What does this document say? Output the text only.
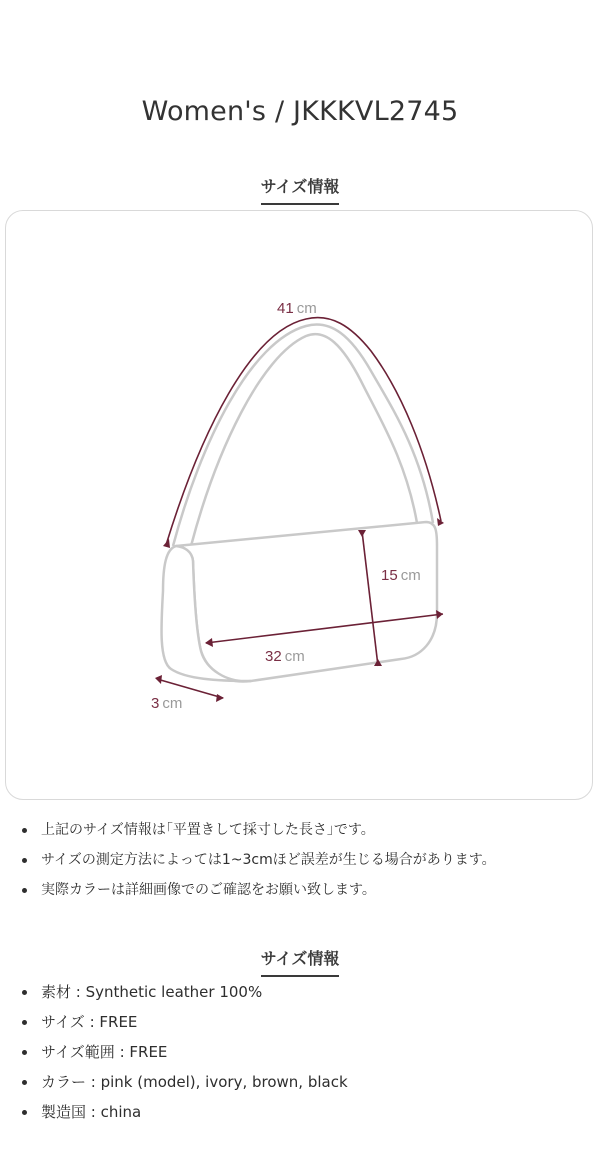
Women's / JKKKVL2745
サイズ情報
41 cm
15 cm
32 cm
3 cm
上記のサイズ情報は｢平置きして採寸した長さ｣です。
サイズの測定方法によっては1~3cmほど誤差が生じる場合があります。
実際カラーは詳細画像でのご確認をお願い致します。
サイズ情報
素材 : Synthetic leather 100%
サイズ : FREE
サイズ範囲 : FREE
カラー : pink (model), ivory, brown, black
製造国 : china
